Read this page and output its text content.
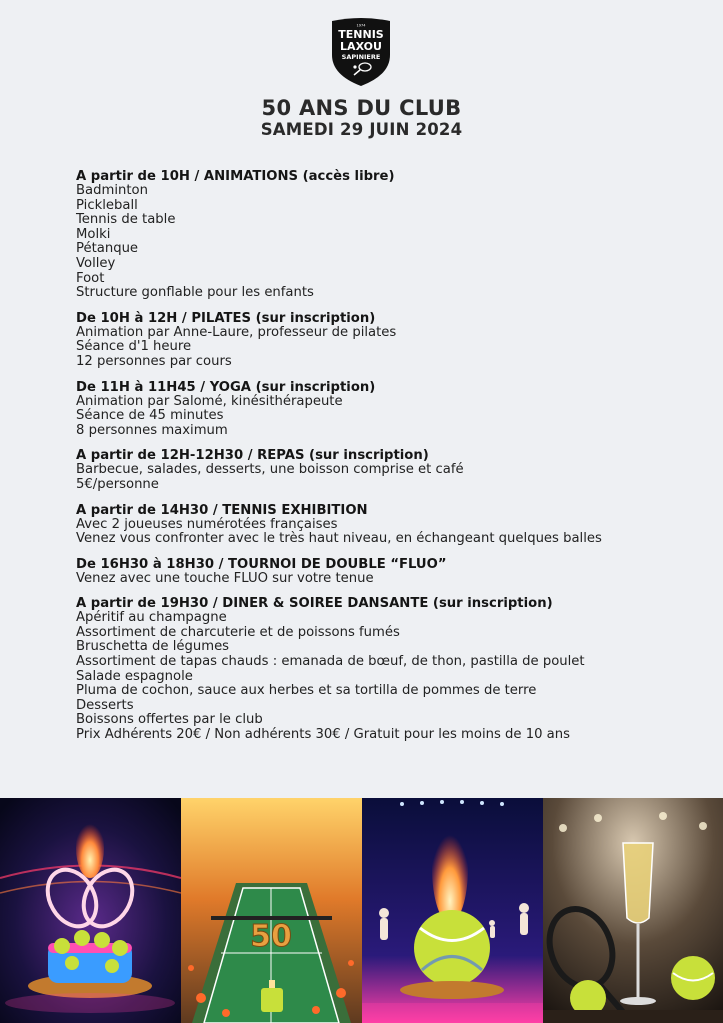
1974
TENNIS
LAXOU
SAPINIERE
50 ANS DU CLUB
SAMEDI 29 JUIN 2024
A partir de 10H / ANIMATIONS (accès libre)
Badminton
Pickleball
Tennis de table
Molki
Pétanque
Volley
Foot
Structure gonflable pour les enfants
De 10H à 12H / PILATES (sur inscription)
Animation par Anne-Laure, professeur de pilates
Séance d'1 heure
12 personnes par cours
De 11H à 11H45 / YOGA (sur inscription)
Animation par Salomé, kinésithérapeute
Séance de 45 minutes
8 personnes maximum
A partir de 12H-12H30 / REPAS (sur inscription)
Barbecue, salades, desserts, une boisson comprise et café
5€/personne
A partir de 14H30 / TENNIS EXHIBITION
Avec 2 joueuses numérotées françaises
Venez vous confronter avec le très haut niveau, en échangeant quelques balles
De 16H30 à 18H30 / TOURNOI DE DOUBLE “FLUO”
Venez avec une touche FLUO sur votre tenue
A partir de 19H30 / DINER & SOIREE DANSANTE (sur inscription)
Apéritif au champagne
Assortiment de charcuterie et de poissons fumés
Bruschetta de légumes
Assortiment de tapas chauds : emanada de bœuf, de thon, pastilla de poulet
Salade espagnole
Pluma de cochon, sauce aux herbes et sa tortilla de pommes de terre
Desserts
Boissons offertes par le club
Prix Adhérents 20€ / Non adhérents 30€ / Gratuit pour les moins de 10 ans
50
